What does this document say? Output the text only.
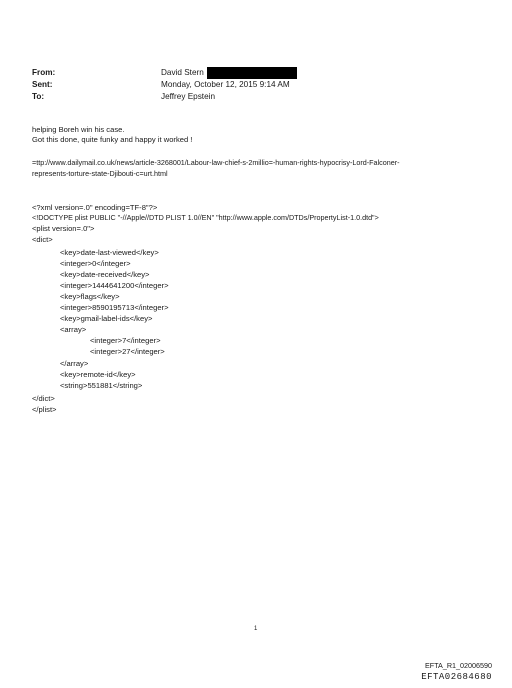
From:	David Stern
Sent:	Monday, October 12, 2015 9:14 AM
To:	Jeffrey Epstein
helping Boreh win his case.
Got this done, quite funky and happy it worked !
=ttp://www.dailymail.co.uk/news/article-3268001/Labour-law-chief-s-2millio=-human-rights-hypocrisy-Lord-Falconer-
represents-torture-state-Djibouti-c=urt.html
<?xml version=.0" encoding=TF-8"?>
<!DOCTYPE plist PUBLIC "-//Apple//DTD PLIST 1.0//EN" "http://www.apple.com/DTDs/PropertyList-1.0.dtd">
<plist version=.0">
<dict>
<key>date-last-viewed</key>
<integer>0</integer>
<key>date-received</key>
<integer>1444641200</integer>
<key>flags</key>
<integer>8590195713</integer>
<key>gmail-label-ids</key>
<array>
<integer>7</integer>
<integer>27</integer>
</array>
<key>remote-id</key>
<string>551881</string>
</dict>
</plist>
1
EFTA_R1_02006590
EFTA02684680
